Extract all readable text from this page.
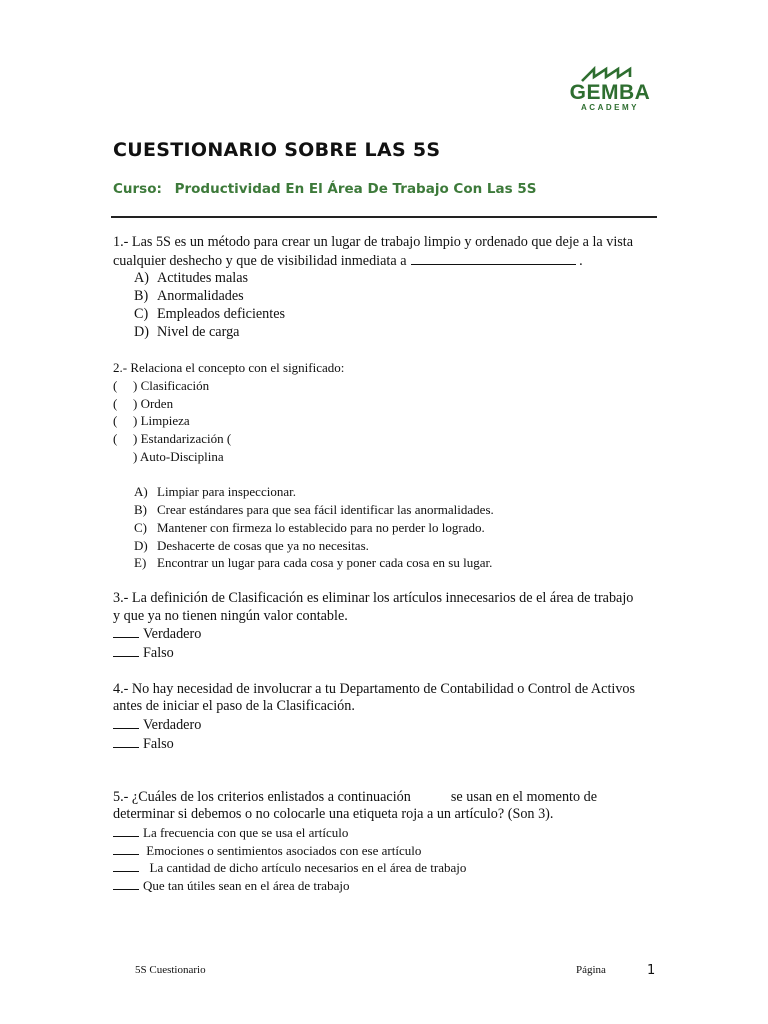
GEMBA
ACADEMY
CUESTIONARIO SOBRE LAS 5S
Curso: Productividad En El Área De Trabajo Con Las 5S

1.- Las 5S es un método para crear un lugar de trabajo limpio y ordenado que deje a la vista

cualquier deshecho y que de visibilidad inmediata a	.

A) Actitudes malas
B) Anormalidades
C) Empleados deficientes
D) Nivel de carga

2.- Relaciona el concepto con el significado:

( ) Clasificación
( ) Orden
( ) Limpieza
( ) Estandarización (
) Auto-Disciplina
A) Limpiar para inspeccionar.
B) Crear estándares para que sea fácil identificar las anormalidades.
C) Mantener con firmeza lo establecido para no perder lo logrado.
D) Deshacerte de cosas que ya no necesitas.
E) Encontrar un lugar para cada cosa y poner cada cosa en su lugar.

3.- La definición de Clasificación es eliminar los artículos innecesarios de el área de trabajo

y que ya no tienen ningún valor contable.

Verdadero

Falso

4.- No hay necesidad de involucrar a tu Departamento de Contabilidad o Control de Activos

antes de iniciar el paso de la Clasificación.

Verdadero

Falso

5.- ¿Cuáles de los criterios enlistados a continuación	se usan en el momento de

determinar si debemos o no colocarle una etiqueta roja a un artículo? (Son 3).

La frecuencia con que se usa el artículo

Emociones o sentimientos asociados con ese artículo

La cantidad de dicho artículo necesarios en el área de trabajo

Que tan útiles sean en el área de trabajo

5S Cuestionario	Página	1
